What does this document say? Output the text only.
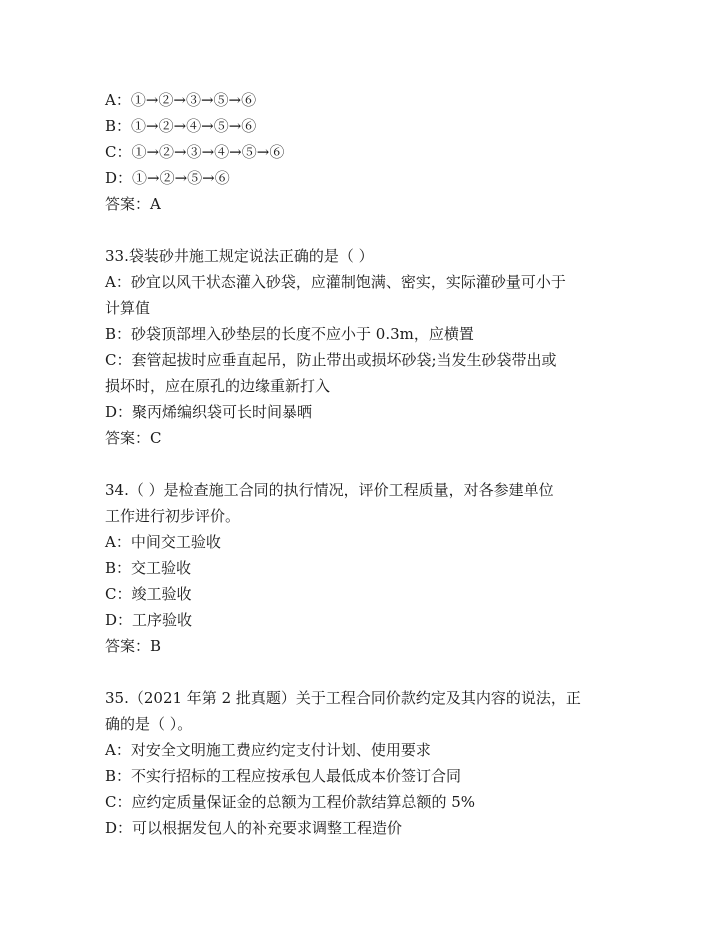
A：①→②→③→⑤→⑥
B：①→②→④→⑤→⑥
C：①→②→③→④→⑤→⑥
D：①→②→⑤→⑥
答案：A
33.袋装砂井施工规定说法正确的是（ ）
A：砂宜以风干状态灌入砂袋，应灌制饱满、密实，实际灌砂量可小于
计算值
B：砂袋顶部埋入砂垫层的长度不应小于 0.3m，应横置
C：套管起拔时应垂直起吊，防止带出或损坏砂袋;当发生砂袋带出或
损坏时，应在原孔的边缘重新打入
D：聚丙烯编织袋可长时间暴晒
答案：C
34.（ ）是检查施工合同的执行情况，评价工程质量，对各参建单位
工作进行初步评价。
A：中间交工验收
B：交工验收
C：竣工验收
D：工序验收
答案：B
35.（2021 年第 2 批真题）关于工程合同价款约定及其内容的说法，正
确的是（ ）。
A：对安全文明施工费应约定支付计划、使用要求
B：不实行招标的工程应按承包人最低成本价签订合同
C：应约定质量保证金的总额为工程价款结算总额的 5%
D：可以根据发包人的补充要求调整工程造价
